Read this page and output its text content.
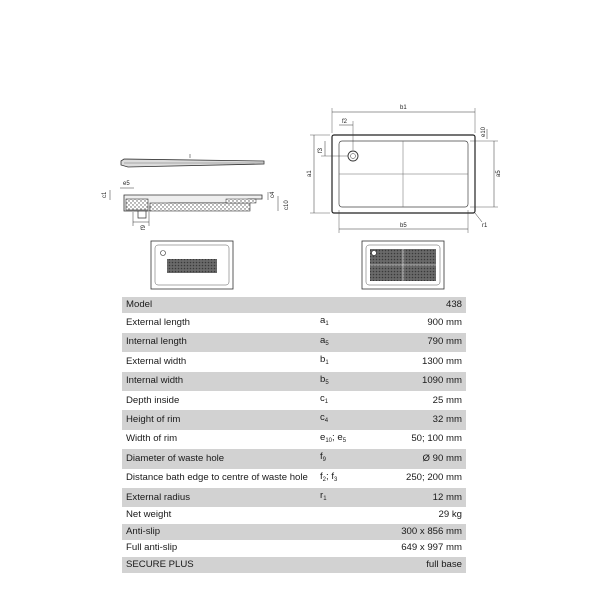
e5
c1	c4
c10
f9
b1
b5
a1	a5
f2
f3
e10
r1
Model		438
External length	$a_1$	900 mm
Internal length	$a_5$	790 mm
External width	$b_1$	1300 mm
Internal width	$b_5$	1090 mm
Depth inside	$c_1$	25 mm
Height of rim	$c_4$	32 mm
Width of rim	$e_{10}$; $e_5$	50; 100 mm
Diameter of waste hole	$f_9$	Ø 90 mm
Distance bath edge to centre of waste hole	$f_2$; $f_3$	250; 200 mm
External radius	$r_1$	12 mm
Net weight		29 kg
Anti-slip		300 x 856 mm
Full anti-slip		649 x 997 mm
SECURE PLUS		full base
